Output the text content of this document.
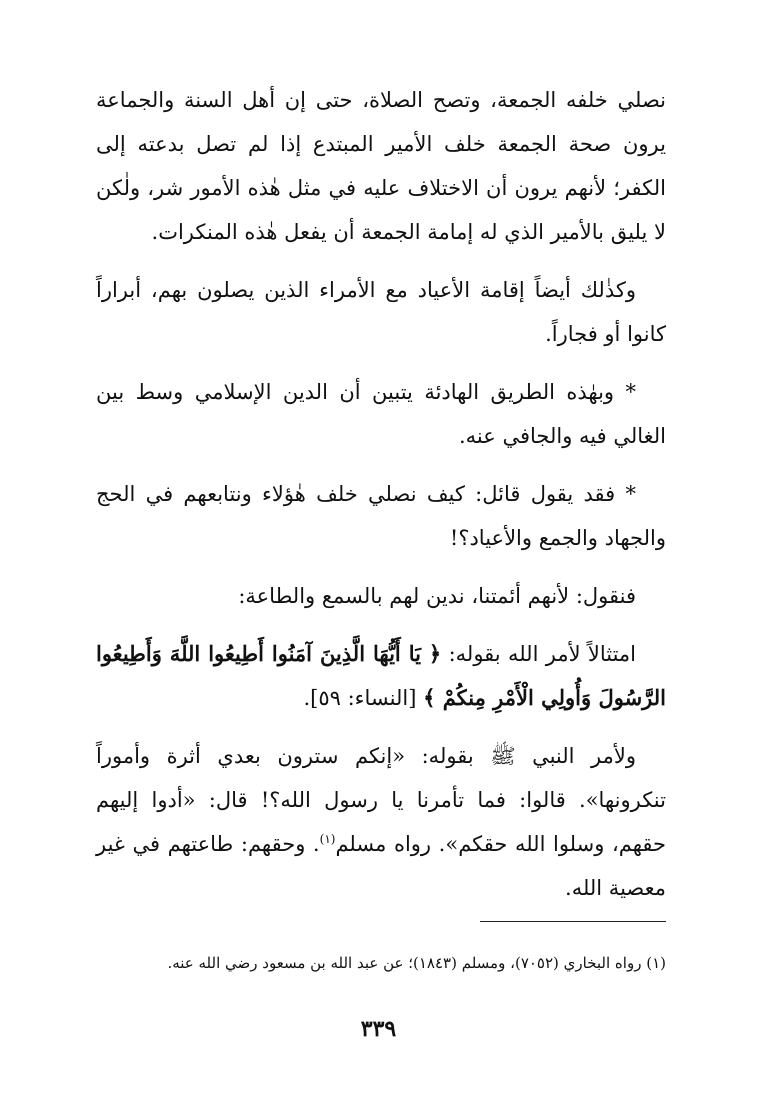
نصلي خلفه الجمعة، وتصح الصلاة، حتى إن أهل السنة والجماعة يرون صحة الجمعة خلف الأمير المبتدع إذا لم تصل بدعته إلى الكفر؛ لأنهم يرون أن الاختلاف عليه في مثل هٰذه الأمور شر، ولٰكن لا يليق بالأمير الذي له إمامة الجمعة أن يفعل هٰذه المنكرات.

وكذٰلك أيضاً إقامة الأعياد مع الأمراء الذين يصلون بهم، أبراراً كانوا أو فجاراً.

* وبهٰذه الطريق الهادئة يتبين أن الدين الإسلامي وسط بين الغالي فيه والجافي عنه.

* فقد يقول قائل: كيف نصلي خلف هٰؤلاء ونتابعهم في الحج والجهاد والجمع والأعياد؟!

فنقول: لأنهم أئمتنا، ندين لهم بالسمع والطاعة:

امتثالاً لأمر الله بقوله: ﴿ يَا أَيُّهَا الَّذِينَ آمَنُوا أَطِيعُوا اللَّهَ وَأَطِيعُوا الرَّسُولَ وَأُولِي الْأَمْرِ مِنكُمْ ﴾ [النساء: ٥٩].

ولأمر النبي ﷺ بقوله: «إنكم سترون بعدي أثرة وأموراً تنكرونها». قالوا: فما تأمرنا يا رسول الله؟! قال: «أدوا إليهم حقهم، وسلوا الله حقكم». رواه مسلم$^{(١)}$. وحقهم: طاعتهم في غير معصية الله.

(١) رواه البخاري (٧٠٥٢)، ومسلم (١٨٤٣)؛ عن عبد الله بن مسعود رضي الله عنه.
٣٣٩
